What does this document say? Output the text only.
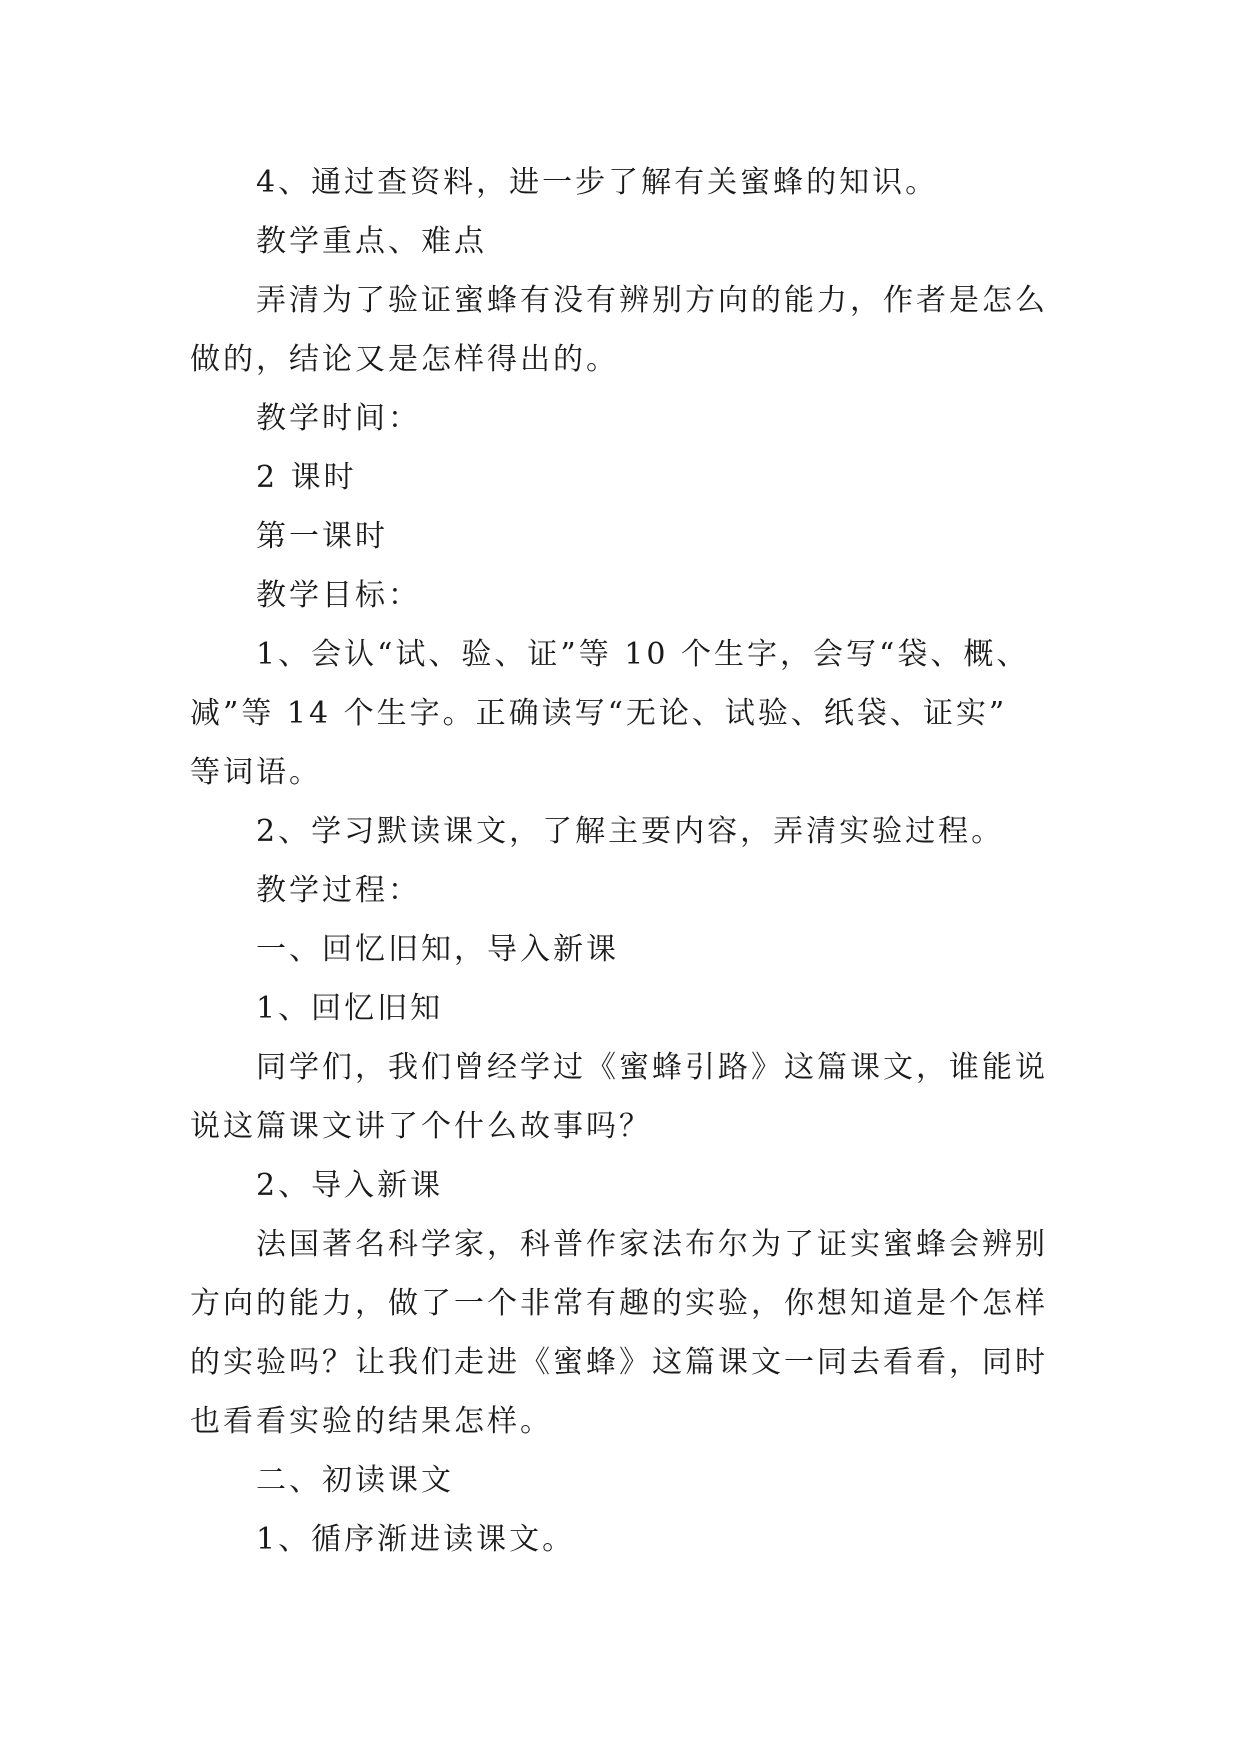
4、通过查资料，进一步了解有关蜜蜂的知识。
教学重点、难点
弄清为了验证蜜蜂有没有辨别方向的能力，作者是怎么
做的，结论又是怎样得出的。
教学时间：
2 课时
第一课时
教学目标：
1、会认“试、验、证”等 10 个生字，会写“袋、概、
减”等 14 个生字。正确读写“无论、试验、纸袋、证实”
等词语。
2、学习默读课文，了解主要内容，弄清实验过程。
教学过程：
一、回忆旧知，导入新课
1、回忆旧知
同学们，我们曾经学过《蜜蜂引路》这篇课文，谁能说
说这篇课文讲了个什么故事吗？
2、导入新课
法国著名科学家，科普作家法布尔为了证实蜜蜂会辨别
方向的能力，做了一个非常有趣的实验，你想知道是个怎样
的实验吗？让我们走进《蜜蜂》这篇课文一同去看看，同时
也看看实验的结果怎样。
二、初读课文
1、循序渐进读课文。
